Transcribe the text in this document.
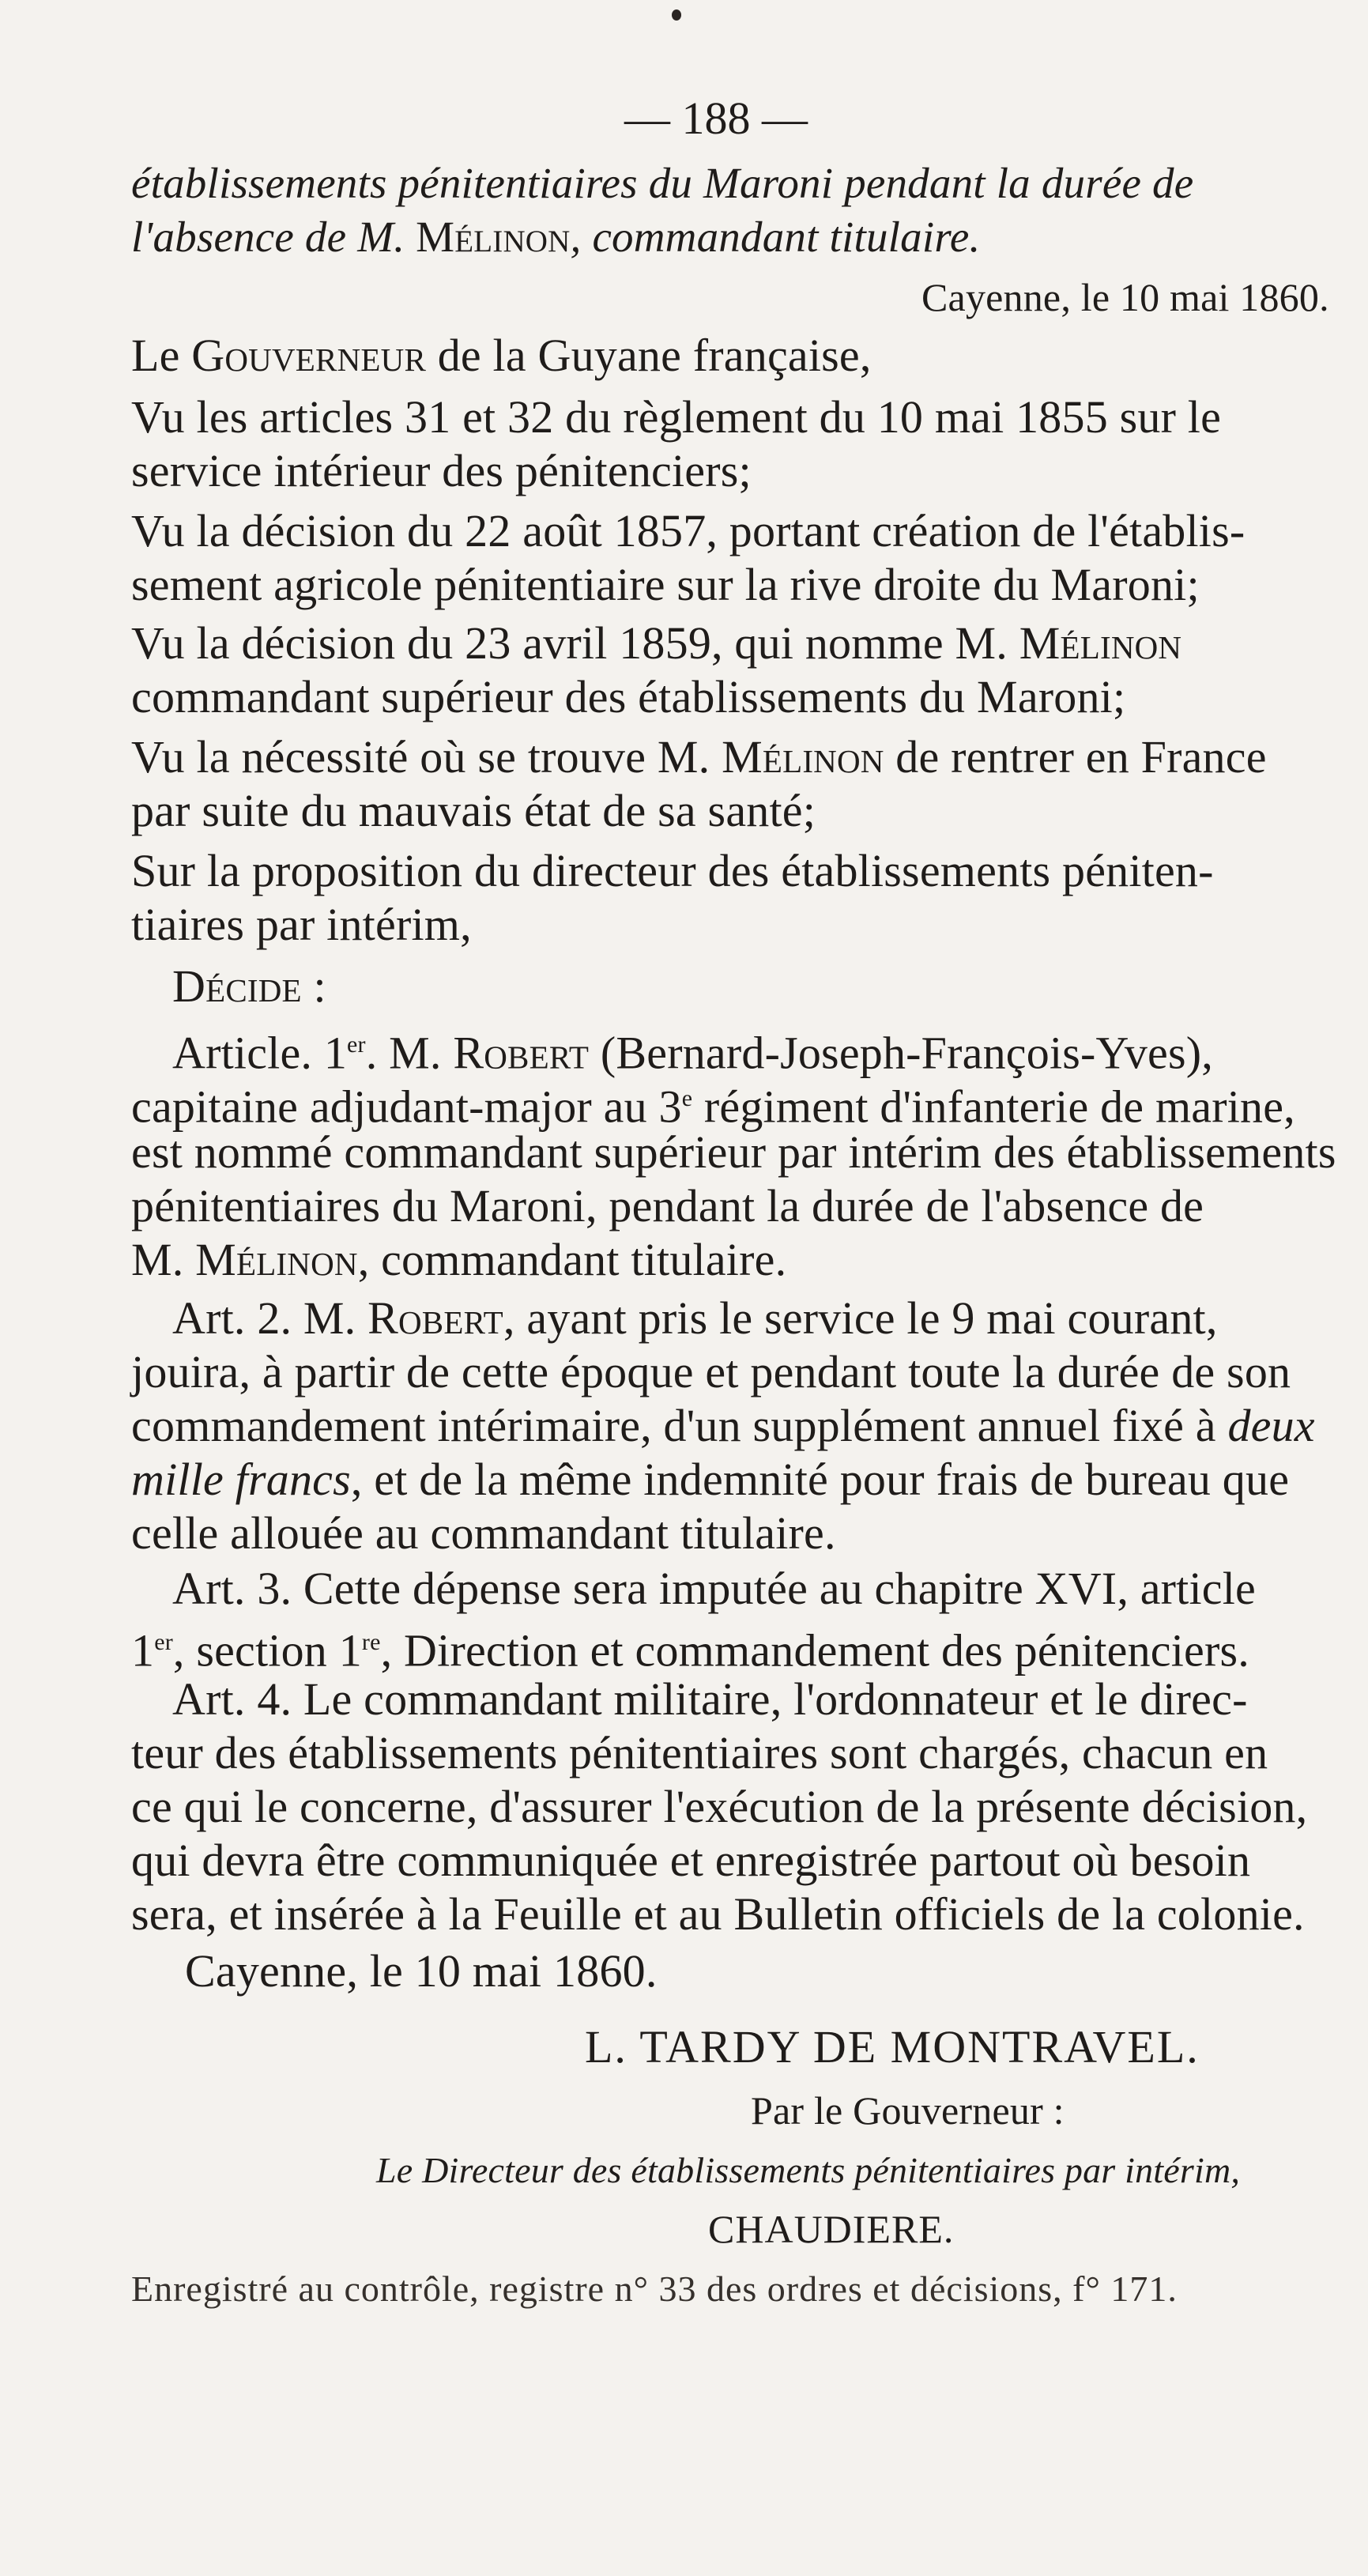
— 188 —
établissements pénitentiaires du Maroni pendant la durée de
l'absence de M. Mélinon, commandant titulaire.
Cayenne, le 10 mai 1860.
Le Gouverneur de la Guyane française,
Vu les articles 31 et 32 du règlement du 10 mai 1855 sur le
service intérieur des pénitenciers;
Vu la décision du 22 août 1857, portant création de l'établis-
sement agricole pénitentiaire sur la rive droite du Maroni;
Vu la décision du 23 avril 1859, qui nomme M. Mélinon
commandant supérieur des établissements du Maroni;
Vu la nécessité où se trouve M. Mélinon de rentrer en France
par suite du mauvais état de sa santé;
Sur la proposition du directeur des établissements péniten-
tiaires par intérim,
Décide :
Article. 1er. M. Robert (Bernard-Joseph-François-Yves),
capitaine adjudant-major au 3e régiment d'infanterie de marine,
est nommé commandant supérieur par intérim des établissements
pénitentiaires du Maroni, pendant la durée de l'absence de
M. Mélinon, commandant titulaire.
Art. 2. M. Robert, ayant pris le service le 9 mai courant,
jouira, à partir de cette époque et pendant toute la durée de son
commandement intérimaire, d'un supplément annuel fixé à deux
mille francs, et de la même indemnité pour frais de bureau que
celle allouée au commandant titulaire.
Art. 3. Cette dépense sera imputée au chapitre XVI, article
1er, section 1re, Direction et commandement des pénitenciers.
Art. 4. Le commandant militaire, l'ordonnateur et le direc-
teur des établissements pénitentiaires sont chargés, chacun en
ce qui le concerne, d'assurer l'exécution de la présente décision,
qui devra être communiquée et enregistrée partout où besoin
sera, et insérée à la Feuille et au Bulletin officiels de la colonie.
Cayenne, le 10 mai 1860.
L. TARDY DE MONTRAVEL.
Par le Gouverneur :
Le Directeur des établissements pénitentiaires par intérim,
CHAUDIERE.
Enregistré au contrôle, registre n° 33 des ordres et décisions, f° 171.
